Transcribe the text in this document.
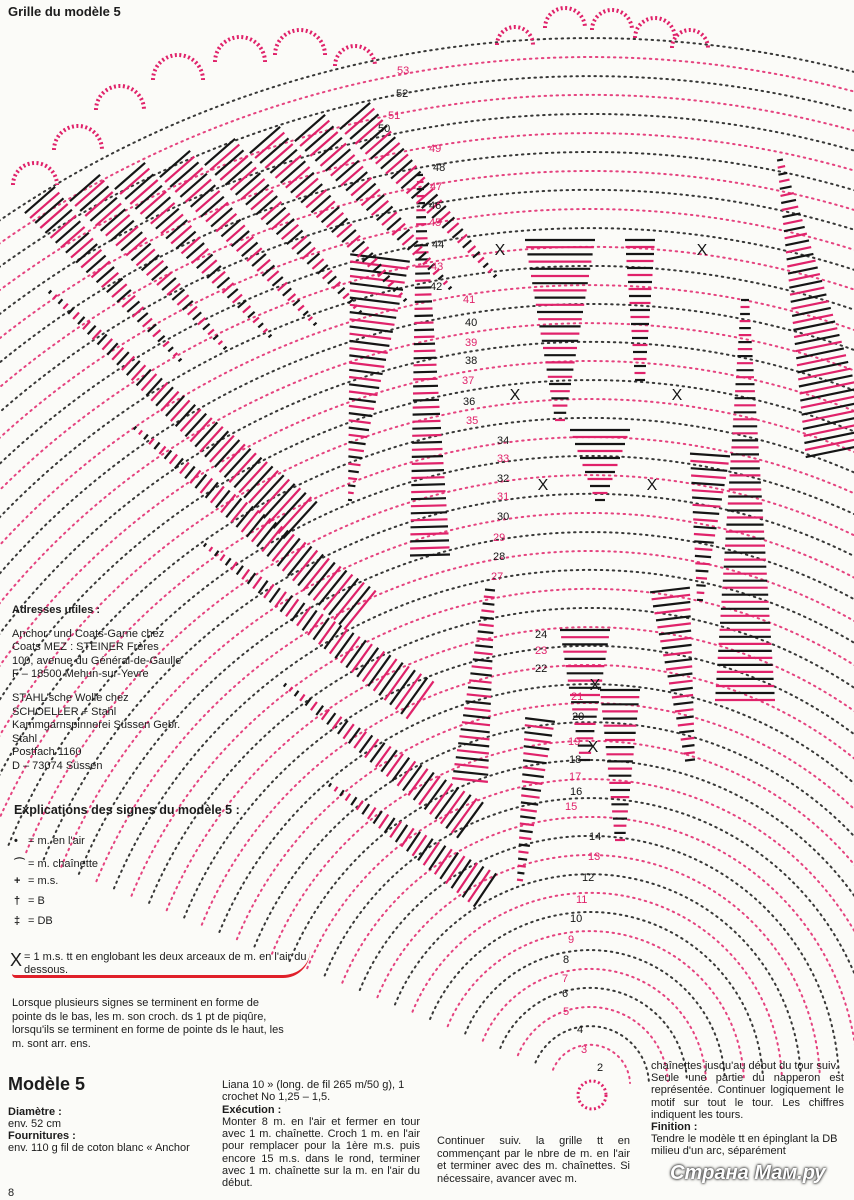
X	X
X
X
X	X
X	X
53
52
51
50
49
48
47
46
45
44
43
42
41
40
39
38
37
36
35
34
33
32
31
30
29
28
27
24
23
22
21
20
19
18
17
16
15
14
13
12
11
10
9
8
7
6
5
4
3
2
Grille du modèle 5
Adresses utiles :
Anchor- und Coats-Garne chez
Coats MEZ : STEINER Frères
100, avenue du Général-de-Gaulle
F – 18500 Mehun-sur-Yevre
STAHL'sche Wolle chez
SCHOELLER + Stahl
Kammgarnspinnerei Süssen Gebr.
Stahl
Postfach 1160
D – 73074 Süssen
Explications des signes du modèle 5 :
• = m. en l'air
⌒ = m. chaînette
+ = m.s.
† = B
‡ = DB
X = 1 m.s. tt en englobant les deux arceaux de m. en l'air du dessous.
Lorsque plusieurs signes se terminent en forme de pointe ds le bas, les m. son croch. ds 1 pt de piqûre, lorsqu'ils se terminent en forme de pointe ds le haut, les m. sont arr. ens.
Modèle 5
Diamètre :
env. 52 cm
Fournitures :
env. 110 g fil de coton blanc « Anchor
Liana 10 » (long. de fil 265 m/50 g), 1 crochet No 1,25 – 1,5.
Exécution :
Monter 8 m. en l'air et fermer en tour avec 1 m. chaînette. Croch 1 m. en l'air pour remplacer pour la 1ère m.s. puis encore 15 m.s. dans le rond, terminer avec 1 m. chaînette sur la m. en l'air du début.
Continuer suiv. la grille tt en commençant par le nbre de m. en l'air et terminer avec des m. chaînettes. Si nécessaire, avancer avec m.
chaînettes jusqu'au début du tour suiv.
Seule une partie du napperon est représentée. Continuer logiquement le motif sur tout le tour. Les chiffres indiquent les tours.
Finition :
Tendre le modèle tt en épinglant la DB milieu d'un arc, séparément
8
Страна Мам.ру
